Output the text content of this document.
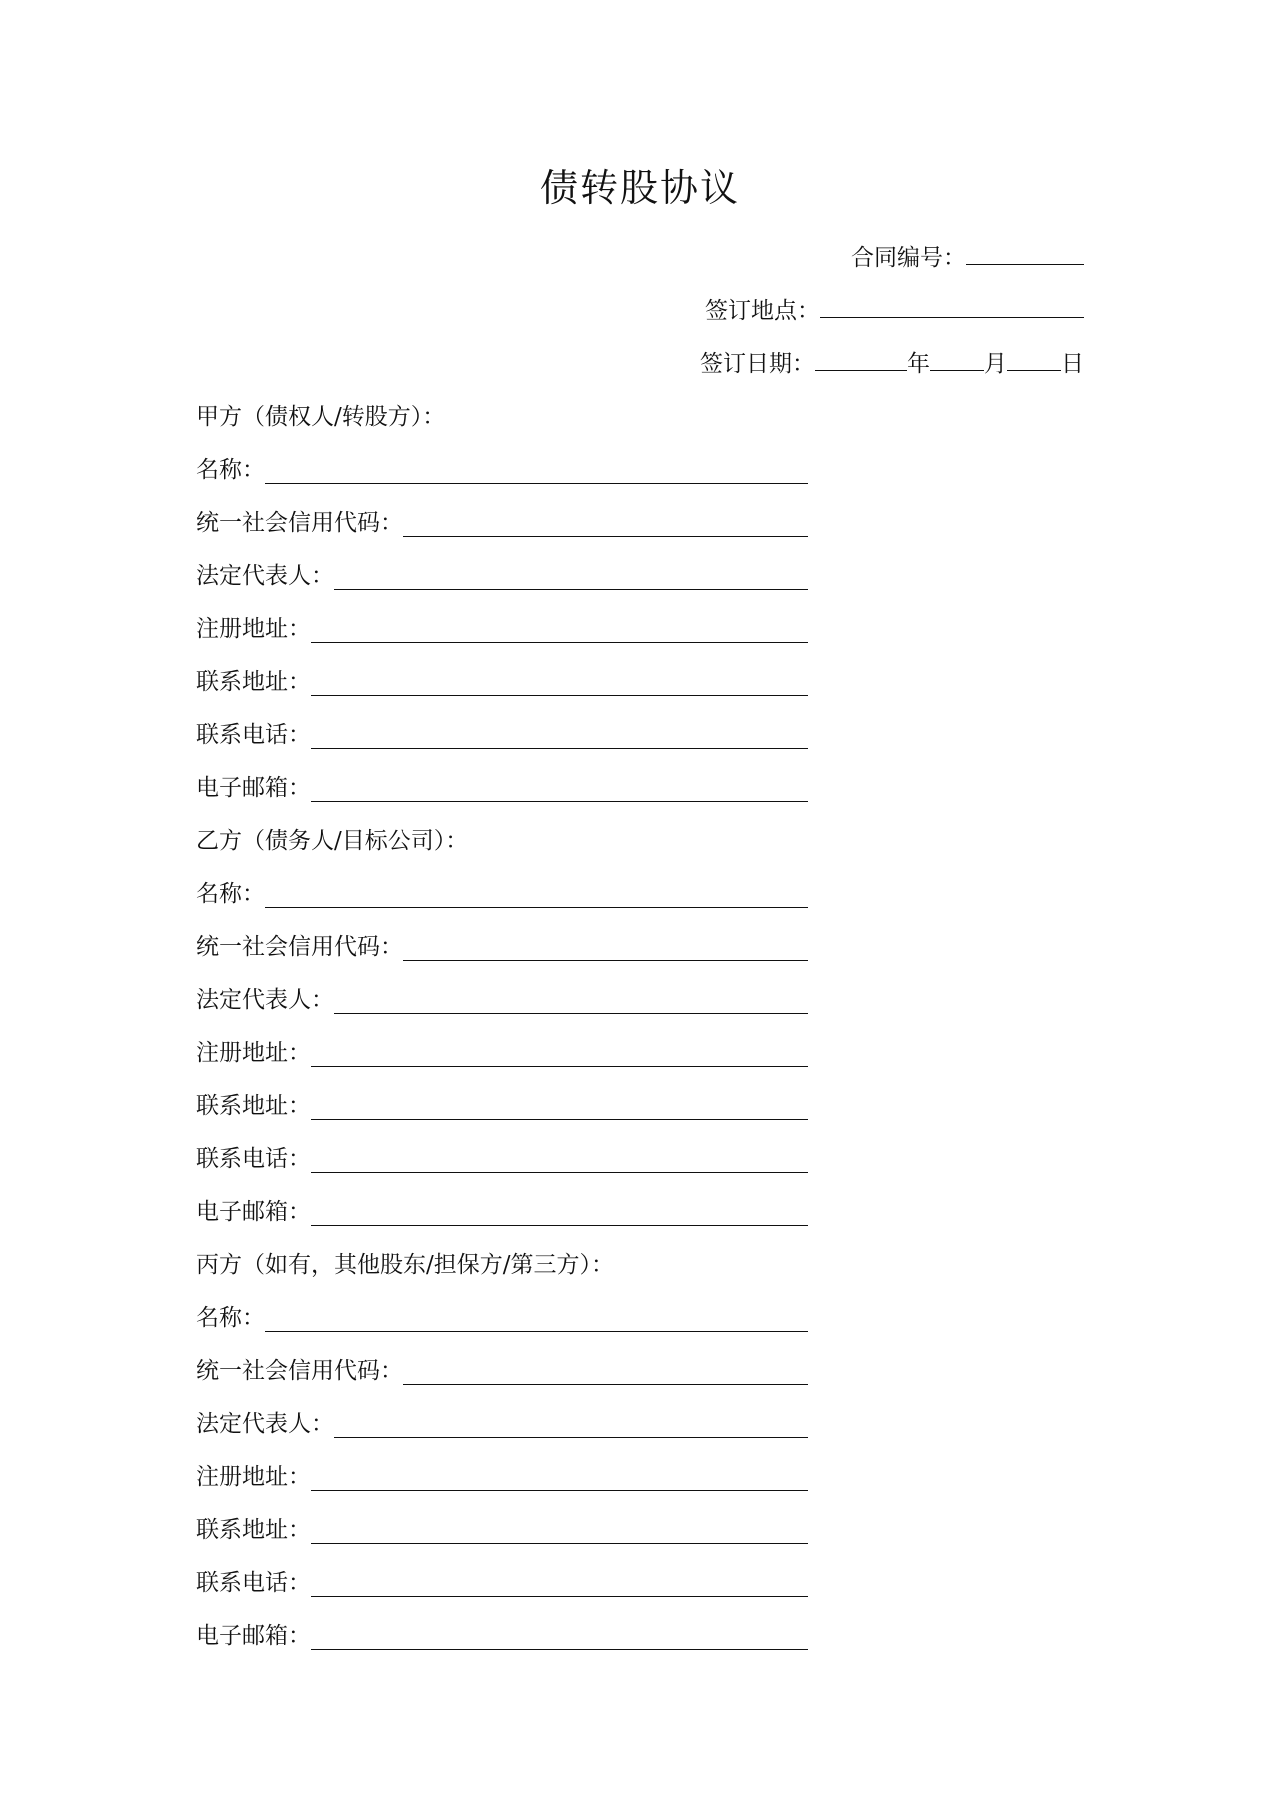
债转股协议
合同编号：
签订地点：
签订日期：	年 月 日
甲方（债权人/转股方）：
名称：
统一社会信用代码：
法定代表人：
注册地址：
联系地址：
联系电话：
电子邮箱：
乙方（债务人/目标公司）：
名称：
统一社会信用代码：
法定代表人：
注册地址：
联系地址：
联系电话：
电子邮箱：
丙方（如有，其他股东/担保方/第三方）：
名称：
统一社会信用代码：
法定代表人：
注册地址：
联系地址：
联系电话：
电子邮箱：
